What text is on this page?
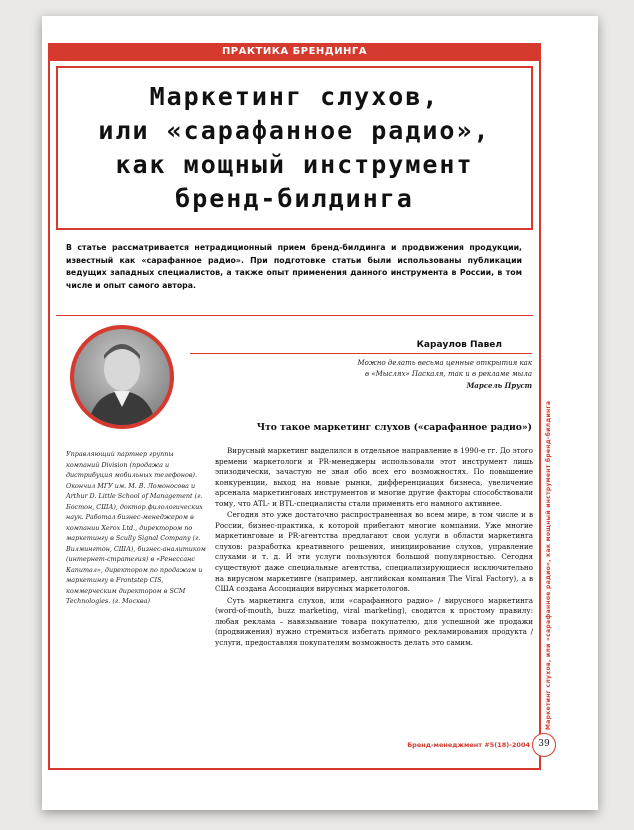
ПРАКТИКА БРЕНДИНГА
Маркетинг слухов,
или «сарафанное радио»,
как мощный инструмент
бренд-билдинга
В статье рассматривается нетрадиционный прием бренд-билдинга и продвижения продукции, известный как «сарафанное радио». При подготовке статьи были использованы публикации ведущих западных специалистов, а также опыт применения данного инструмента в России, в том числе и опыт самого автора.
Караулов Павел
Можно делать весьма ценные открытия как
в «Мыслях» Паскаля, так и в рекламе мыла
Марсель Пруст
Что такое маркетинг слухов («сарафанное радио»)
Управляющий партнер группы компаний Division (продажа и дистрибуция мобильных телефонов). Окончил МГУ им. М. В. Ломоносова и Arthur D. Little School of Management (г. Бостон, США), доктор филологических наук. Работал бизнес-менеджером в компании Xerox Ltd., директором по маркетингу в Scully Signal Company (г. Вилмингтон, США), бизнес-аналитиком (интернет-стратегия) в «Ренессанс Капитал», директором по продажам и маркетингу в Frontstep CIS, коммерческим директором в SCM Technologies. (г. Москва)

Вирусный маркетинг выделился в отдельное направление в 1990-е гг. До этого времени маркетологи и PR-менеджеры использовали этот инструмент лишь эпизодически, зачастую не зная обо всех его возможностях. По повышение конкуренции, выход на новые рынки, дифференциация бизнеса, увеличение арсенала маркетинговых инструментов и многие другие факторы способствовали тому, что ATL- и BTL-специалисты стали применять его намного активнее.

Сегодня это уже достаточно распространенная во всем мире, в том числе и в России, бизнес-практика, к которой прибегают многие компании. Уже многие маркетинговые и PR-агентства предлагают свои услуги в области маркетинга слухов: разработка креативного решения, инициирование слухов, управление слухами и т. д. И эти услуги пользуются большой популярностью. Сегодня существуют даже специальные агентства, специализирующиеся исключительно на вирусном маркетинге (например, английская компания The Viral Factory), а в США создана Ассоциация вирусных маркетологов.

Суть маркетинга слухов, или «сарафанного радио» / вирусного маркетинга (word-of-mouth, buzz marketing, viral marketing), сводится к простому правилу: любая реклама – навязывание товара покупателю, для успешной же продажи (продвижения) нужно стремиться избегать прямого рекламирования продукта / услуги, предоставляя покупателям возможность делать это самим.	Маркетинг слухов, или «сарафанное радио», как мощный инструмент бренд-билдинга
Бренд-менеджмент #5(18)-2004 39
